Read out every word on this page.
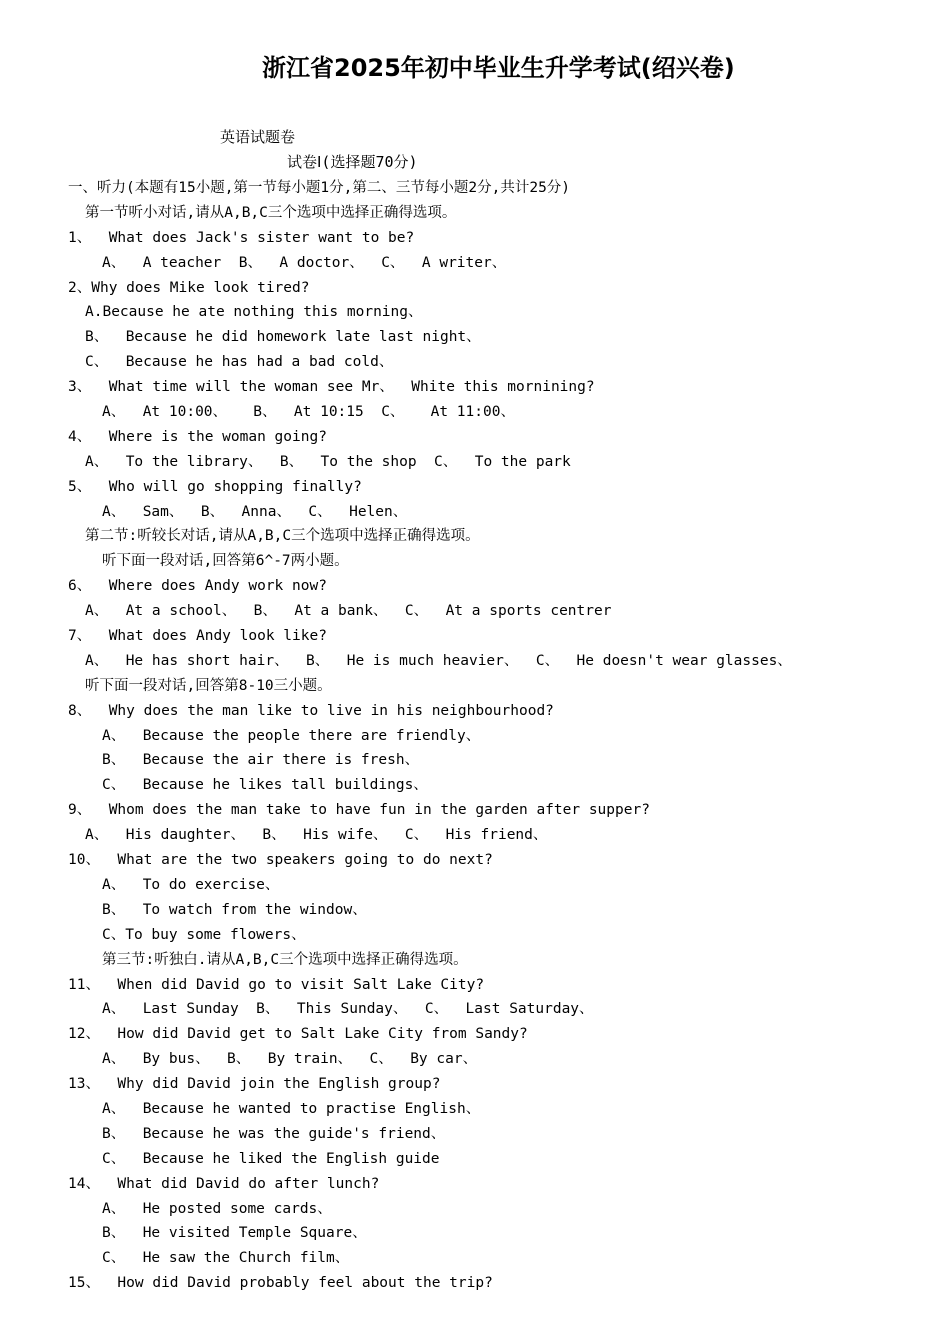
浙江省2025年初中毕业生升学考试(绍兴卷)
英语试题卷
试卷Ⅰ(选择题70分)
一、听力(本题有15小题,第一节每小题1分,第二、三节每小题2分,共计25分)
第一节听小对话,请从A,B,C三个选项中选择正确得选项。
1、  What does Jack's sister want to be?
A、  A teacher  B、  A doctor、  C、  A writer、
2、Why does Mike look tired?
A.Because he ate nothing this morning、
B、  Because he did homework late last night、
C、  Because he has had a bad cold、
3、  What time will the woman see Mr、  White this mornining?
A、  At 10:00、   B、  At 10:15  C、   At 11:00、
4、  Where is the woman going?
A、  To the library、  B、  To the shop  C、  To the park
5、  Who will go shopping finally?
A、  Sam、  B、  Anna、  C、  Helen、
第二节:听较长对话,请从A,B,C三个选项中选择正确得选项。
听下面一段对话,回答第6^-7两小题。
6、  Where does Andy work now?
A、  At a school、  B、  At a bank、  C、  At a sports centrer
7、  What does Andy look like?
A、  He has short hair、  B、  He is much heavier、  C、  He doesn't wear glasses、
听下面一段对话,回答第8-10三小题。
8、  Why does the man like to live in his neighbourhood?
A、  Because the people there are friendly、
B、  Because the air there is fresh、
C、  Because he likes tall buildings、
9、  Whom does the man take to have fun in the garden after supper?
A、  His daughter、  B、  His wife、  C、  His friend、
10、  What are the two speakers going to do next?
A、  To do exercise、
B、  To watch from the window、
C、To buy some flowers、
第三节:听独白.请从A,B,C三个选项中选择正确得选项。
11、  When did David go to visit Salt Lake City?
A、  Last Sunday  B、  This Sunday、  C、  Last Saturday、
12、  How did David get to Salt Lake City from Sandy?
A、  By bus、  B、  By train、  C、  By car、
13、  Why did David join the English group?
A、  Because he wanted to practise English、
B、  Because he was the guide's friend、
C、  Because he liked the English guide
14、  What did David do after lunch?
A、  He posted some cards、
B、  He visited Temple Square、
C、  He saw the Church film、
15、  How did David probably feel about the trip?
